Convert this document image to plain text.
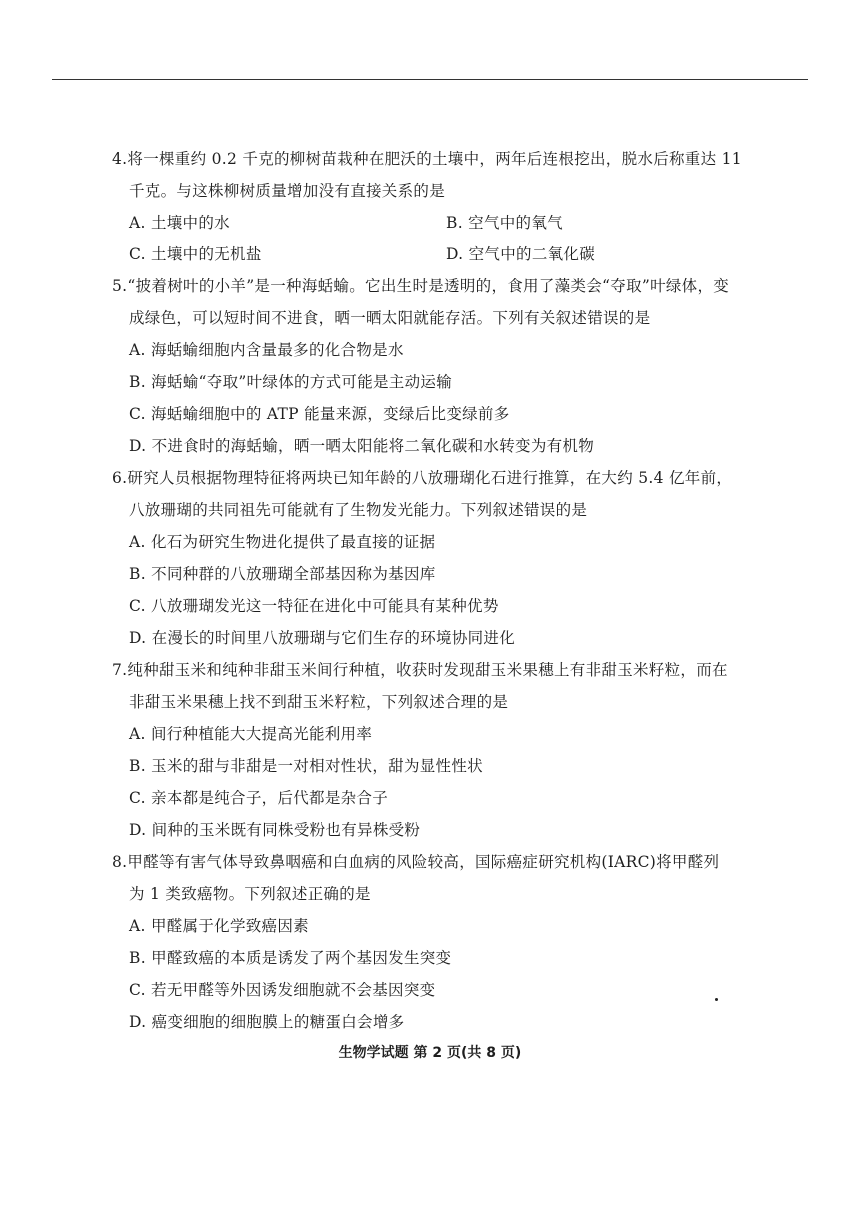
4.将一棵重约 0.2 千克的柳树苗栽种在肥沃的土壤中，两年后连根挖出，脱水后称重达 11
千克。与这株柳树质量增加没有直接关系的是
A. 土壤中的水	B. 空气中的氧气
C. 土壤中的无机盐	D. 空气中的二氧化碳
5.“披着树叶的小羊”是一种海蛞蝓。它出生时是透明的，食用了藻类会“夺取”叶绿体，变
成绿色，可以短时间不进食，晒一晒太阳就能存活。下列有关叙述错误的是
A. 海蛞蝓细胞内含量最多的化合物是水
B. 海蛞蝓“夺取”叶绿体的方式可能是主动运输
C. 海蛞蝓细胞中的 ATP 能量来源，变绿后比变绿前多
D. 不进食时的海蛞蝓，晒一晒太阳能将二氧化碳和水转变为有机物
6.研究人员根据物理特征将两块已知年龄的八放珊瑚化石进行推算，在大约 5.4 亿年前，
八放珊瑚的共同祖先可能就有了生物发光能力。下列叙述错误的是
A. 化石为研究生物进化提供了最直接的证据
B. 不同种群的八放珊瑚全部基因称为基因库
C. 八放珊瑚发光这一特征在进化中可能具有某种优势
D. 在漫长的时间里八放珊瑚与它们生存的环境协同进化
7.纯种甜玉米和纯种非甜玉米间行种植，收获时发现甜玉米果穗上有非甜玉米籽粒，而在
非甜玉米果穗上找不到甜玉米籽粒，下列叙述合理的是
A. 间行种植能大大提高光能利用率
B. 玉米的甜与非甜是一对相对性状，甜为显性性状
C. 亲本都是纯合子，后代都是杂合子
D. 间种的玉米既有同株受粉也有异株受粉
8.甲醛等有害气体导致鼻咽癌和白血病的风险较高，国际癌症研究机构(IARC)将甲醛列
为 1 类致癌物。下列叙述正确的是
A. 甲醛属于化学致癌因素
B. 甲醛致癌的本质是诱发了两个基因发生突变
C. 若无甲醛等外因诱发细胞就不会基因突变
D. 癌变细胞的细胞膜上的糖蛋白会增多
生物学试题 第 2 页(共 8 页)
